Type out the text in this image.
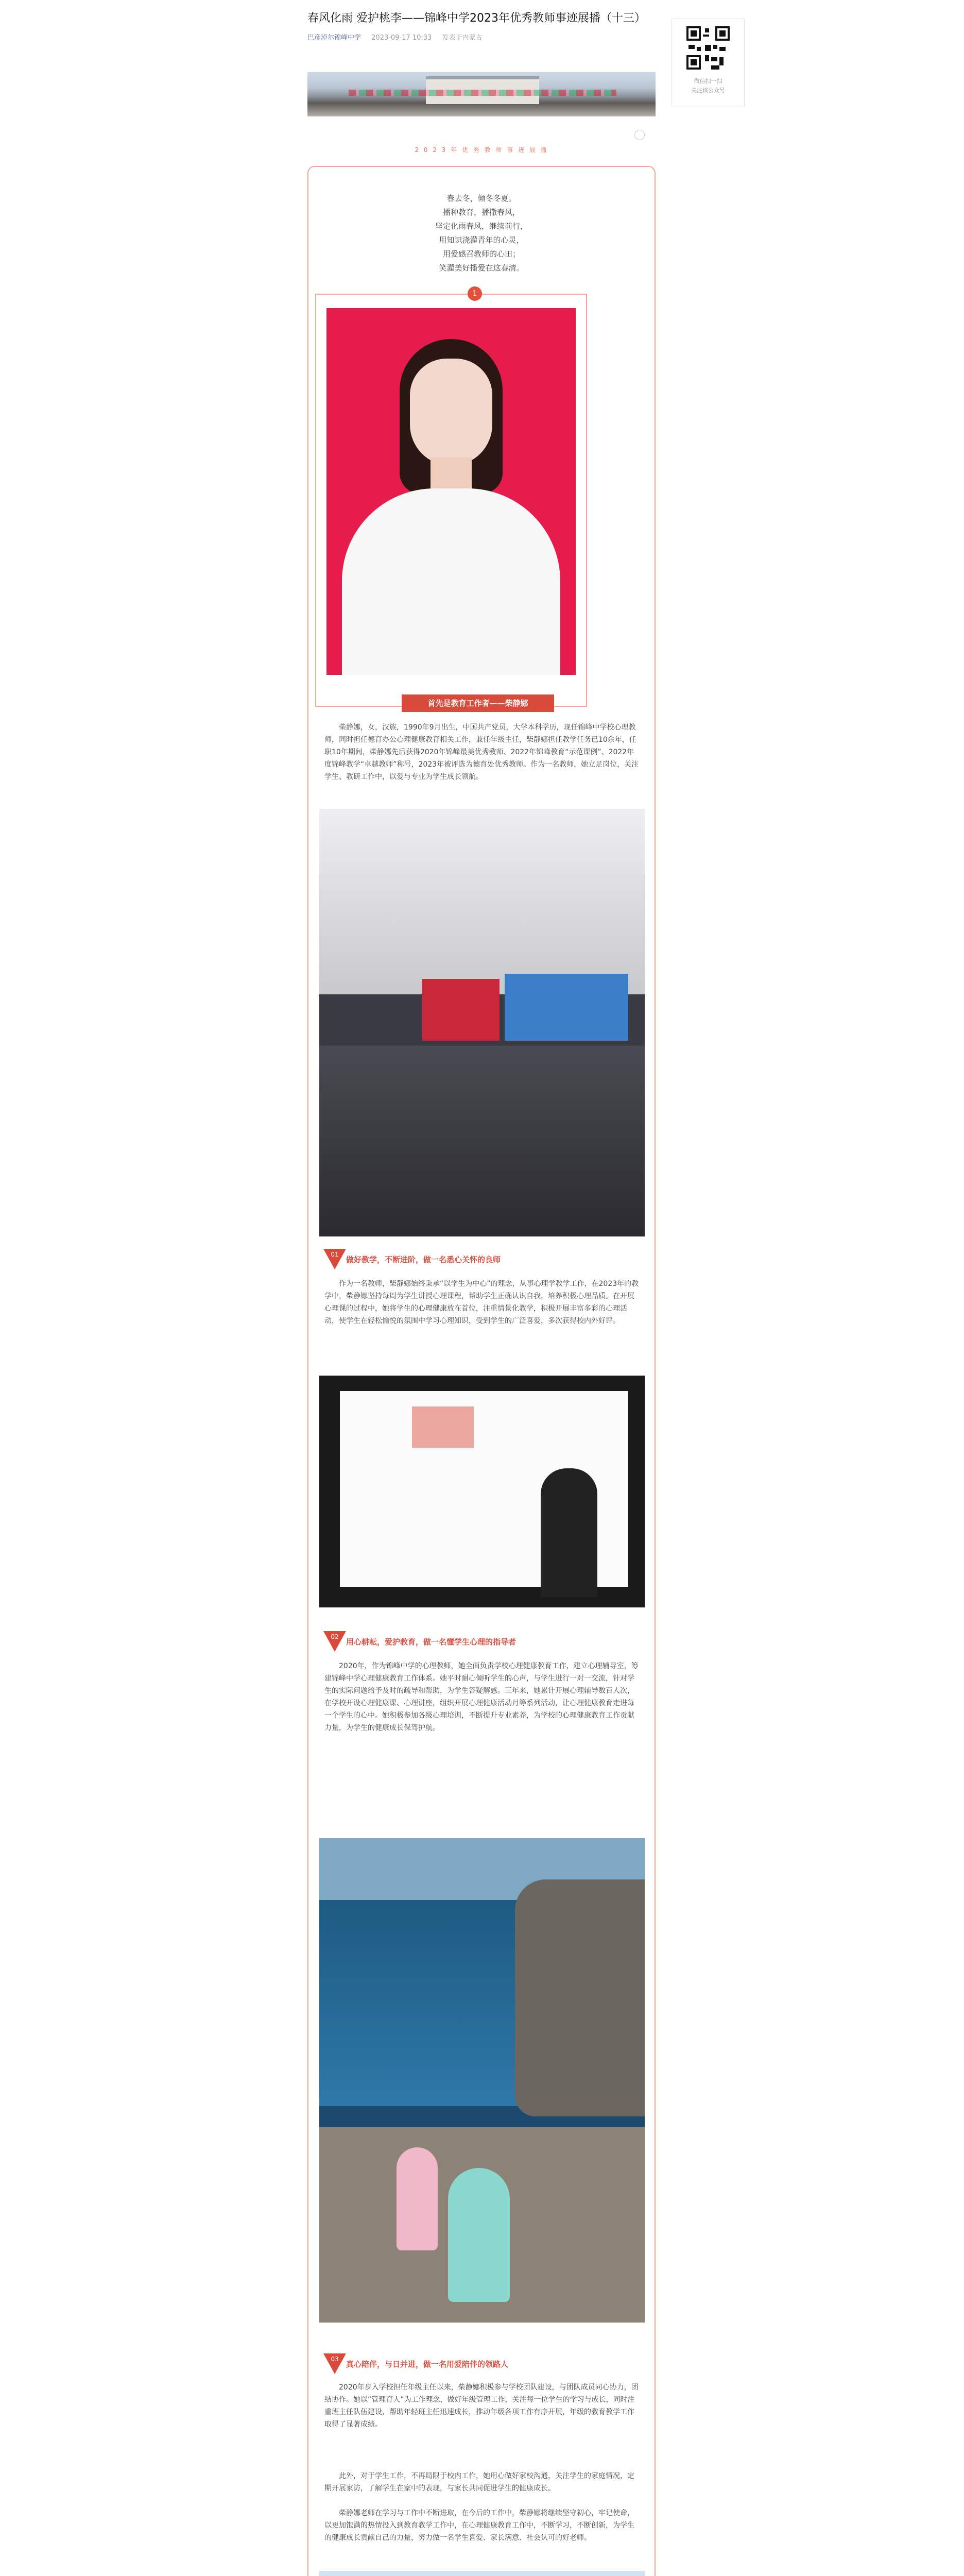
春风化雨 爱护桃李——锦峰中学2023年优秀教师事迹展播（十三）
巴彦淖尔锦峰中学 2023-09-17 10:33 发表于内蒙古
微信扫一扫
关注该公众号
2 0 2 3 年 优 秀 教 师 事 迹 展 播
春去冬，倾冬冬夏。
播种教育，播撒春风，
坚定化雨春风，继续前行，
用知识浇灌青年的心灵，
用爱感召教师的心田；
笑灌美好播爱在这春清。
1
首先是教育工作者——柴静娜
柴静娜，女，汉族，1990年9月出生，中国共产党员，大学本科学历，现任锦峰中学校心理教师，同时担任德育办公心理健康教育相关工作，兼任年级主任，柴静娜担任教学任务已10余年，任职10年期间，柴静娜先后获得2020年锦峰最美优秀教师、2022年锦峰教育“示范课例”、2022年度锦峰教学“卓越教师”称号，2023年被评选为德育处优秀教师。作为一名教师，她立足岗位，关注学生、教研工作中，以爱与专业为学生成长领航。
01
做好教学，不断进阶，做一名悉心关怀的良师
作为一名教师，柴静娜始终秉承“以学生为中心”的理念，从事心理学教学工作，在2023年的教学中，柴静娜坚持每周为学生讲授心理课程，帮助学生正确认识自我，培养积极心理品质。在开展心理课的过程中，她将学生的心理健康放在首位，注重情景化教学，积极开展丰富多彩的心理活动，使学生在轻松愉悦的氛围中学习心理知识，受到学生的广泛喜爱，多次获得校内外好评。
02
用心耕耘，爱护教育，做一名懂学生心理的指导者
2020年，作为锦峰中学的心理教师，她全面负责学校心理健康教育工作，建立心理辅导室，筹建锦峰中学心理健康教育工作体系。她平时耐心倾听学生的心声，与学生进行一对一交流，针对学生的实际问题给予及时的疏导和帮助，为学生答疑解惑。三年来，她累计开展心理辅导数百人次，在学校开设心理健康课、心理讲座，组织开展心理健康活动月等系列活动，让心理健康教育走进每一个学生的心中。她积极参加各级心理培训，不断提升专业素养，为学校的心理健康教育工作贡献力量，为学生的健康成长保驾护航。
03
真心陪伴，与日并进，做一名用爱陪伴的领路人
2020年步入学校担任年级主任以来，柴静娜积极参与学校团队建设，与团队成员同心协力，团结协作。她以“管理育人”为工作理念，做好年级管理工作，关注每一位学生的学习与成长，同时注重班主任队伍建设，帮助年轻班主任迅速成长，推动年级各项工作有序开展，年级的教育教学工作取得了显著成绩。
此外，对于学生工作，不再局限于校内工作，她用心做好家校沟通，关注学生的家庭情况，定期开展家访，了解学生在家中的表现，与家长共同促进学生的健康成长。
柴静娜老师在学习与工作中不断进取，在今后的工作中，柴静娜将继续坚守初心，牢记使命，以更加饱满的热情投入到教育教学工作中，在心理健康教育工作中，不断学习，不断创新，为学生的健康成长贡献自己的力量，努力做一名学生喜爱、家长满意、社会认可的好老师。
